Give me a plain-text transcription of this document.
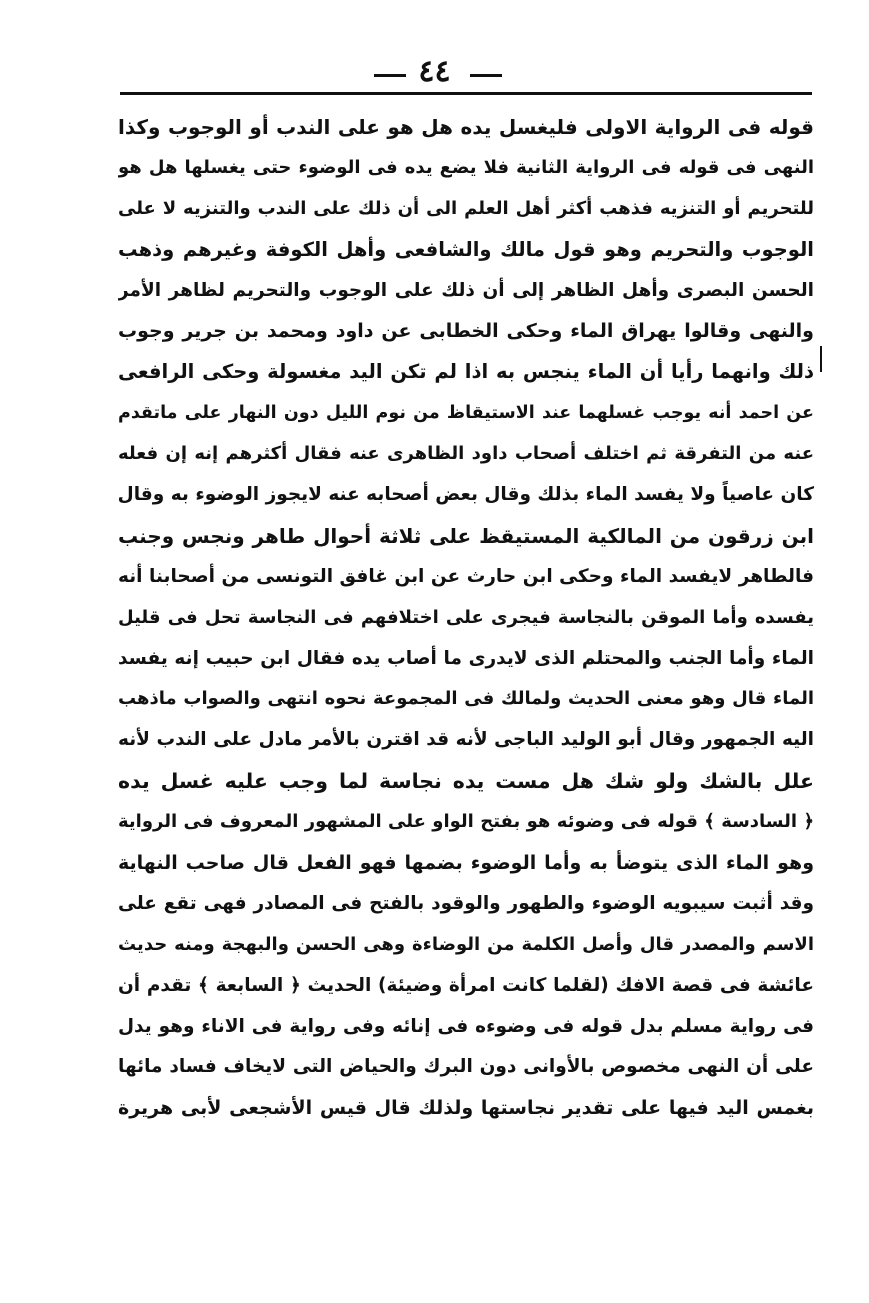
٤٤
قوله فى الرواية الاولى فليغسل يده هل هو على الندب أو الوجوب وكذا
النهى فى قوله فى الرواية الثانية فلا يضع يده فى الوضوء حتى يغسلها هل هو
للتحريم أو التنزيه فذهب أكثر أهل العلم الى أن ذلك على الندب والتنزيه لا على
الوجوب والتحريم وهو قول مالك والشافعى وأهل الكوفة وغيرهم وذهب
الحسن البصرى وأهل الظاهر إلى أن ذلك على الوجوب والتحريم لظاهر الأمر
والنهى وقالوا يهراق الماء وحكى الخطابى عن داود ومحمد بن جرير وجوب
ذلك وانهما رأيا أن الماء ينجس به اذا لم تكن اليد مغسولة وحكى الرافعى
عن احمد أنه يوجب غسلهما عند الاستيقاظ من نوم الليل دون النهار على ماتقدم
عنه من التفرقة ثم اختلف أصحاب داود الظاهرى عنه فقال أكثرهم إنه إن فعله
كان عاصياً ولا يفسد الماء بذلك وقال بعض أصحابه عنه لايجوز الوضوء به وقال
ابن زرقون من المالكية المستيقظ على ثلاثة أحوال طاهر ونجس وجنب
فالطاهر لايفسد الماء وحكى ابن حارث عن ابن غافق التونسى من أصحابنا أنه
يفسده وأما الموقن بالنجاسة فيجرى على اختلافهم فى النجاسة تحل فى قليل
الماء وأما الجنب والمحتلم الذى لايدرى ما أصاب يده فقال ابن حبيب إنه يفسد
الماء قال وهو معنى الحديث ولمالك فى المجموعة نحوه انتهى والصواب ماذهب
اليه الجمهور وقال أبو الوليد الباجى لأنه قد اقترن بالأمر مادل على الندب لأنه
علل بالشك ولو شك هل مست يده نجاسة لما وجب عليه غسل يده
﴿ السادسة ﴾ قوله فى وضوئه هو بفتح الواو على المشهور المعروف فى الرواية
وهو الماء الذى يتوضأ به وأما الوضوء بضمها فهو الفعل قال صاحب النهاية
وقد أثبت سيبويه الوضوء والطهور والوقود بالفتح فى المصادر فهى تقع على
الاسم والمصدر قال وأصل الكلمة من الوضاءة وهى الحسن والبهجة ومنه حديث
عائشة فى قصة الافك (لقلما كانت امرأة وضيئة) الحديث ﴿ السابعة ﴾ تقدم أن
فى رواية مسلم بدل قوله فى وضوءه فى إنائه وفى رواية فى الاناء وهو يدل
على أن النهى مخصوص بالأوانى دون البرك والحياض التى لايخاف فساد مائها
بغمس اليد فيها على تقدير نجاستها ولذلك قال قيس الأشجعى لأبى هريرة
